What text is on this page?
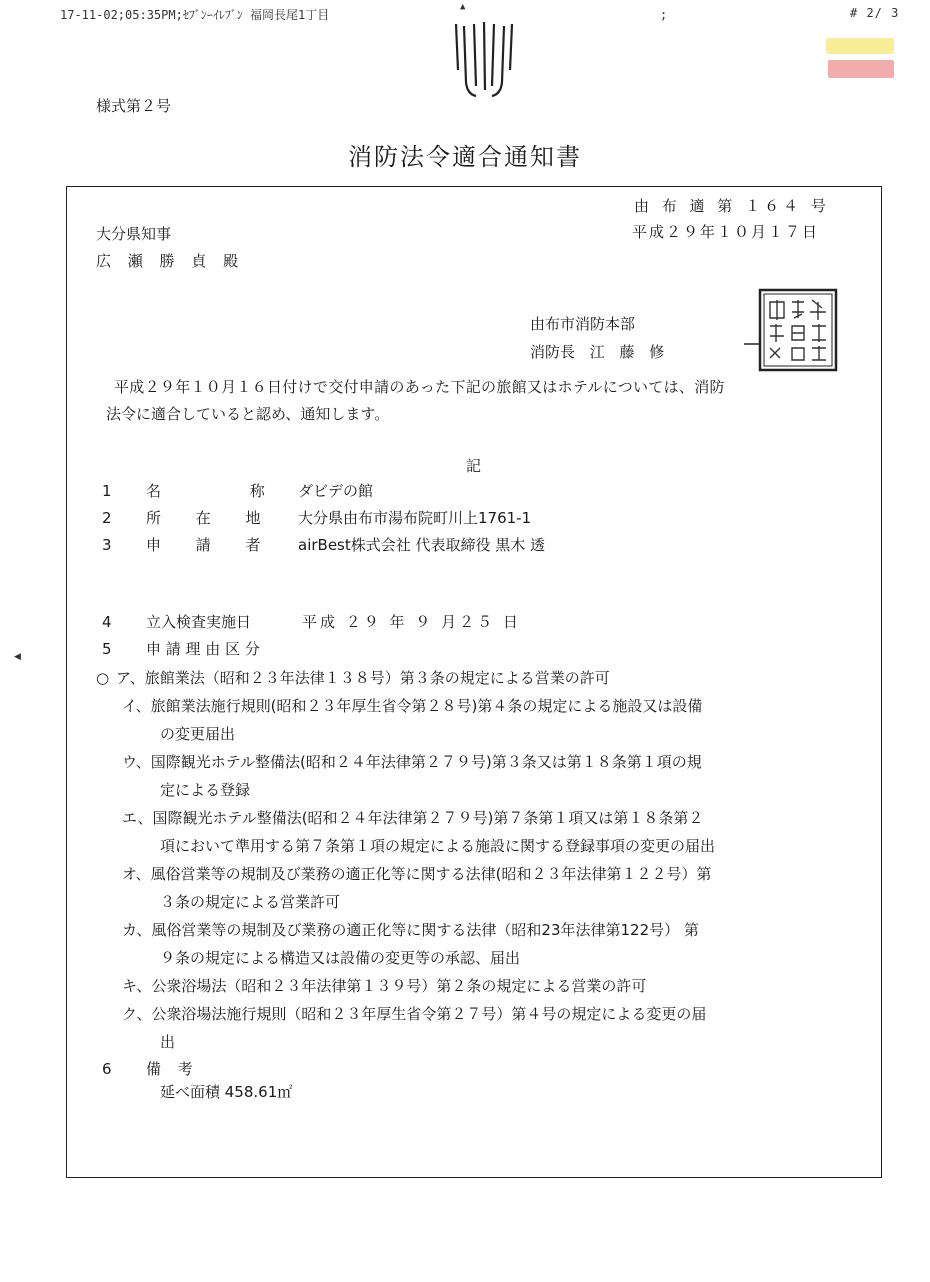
17-11-02;05:35PM;ｾﾌﾞﾝｰｲﾚﾌﾞﾝ 福岡長尾1丁目
▲
;	# 2/ 3
◀
様式第２号
消防法令適合通知書
由 布 適 第 １６４ 号
平成２９年１０月１７日
大分県知事
広 瀬 勝 貞 殿
由布市消防本部
消防長 江 藤 修
平成２９年１０月１６日付けで交付申請のあった下記の旅館又はホテルについては、消防
法令に適合していると認め、通知します。
記
1 名 称	ダビデの館
2 所 在 地 大分県由布市湯布院町川上1761-1
3 申 請 者 airBest株式会社 代表取締役 黒木 透
4 立入検査実施日	平成 ２９ 年 ９ 月２５ 日
5 申 請 理 由 区 分
○ ア、旅館業法（昭和２３年法律１３８号）第３条の規定による営業の許可
イ、旅館業法施行規則(昭和２３年厚生省令第２８号)第４条の規定による施設又は設備
の変更届出
ウ、国際観光ホテル整備法(昭和２４年法律第２７９号)第３条又は第１８条第１項の規
定による登録
エ、国際観光ホテル整備法(昭和２４年法律第２７９号)第７条第１項又は第１８条第２
項において準用する第７条第１項の規定による施設に関する登録事項の変更の届出
オ、風俗営業等の規制及び業務の適正化等に関する法律(昭和２３年法律第１２２号）第
３条の規定による営業許可
カ、風俗営業等の規制及び業務の適正化等に関する法律（昭和23年法律第122号） 第
９条の規定による構造又は設備の変更等の承認、届出
キ、公衆浴場法（昭和２３年法律第１３９号）第２条の規定による営業の許可
ク、公衆浴場法施行規則（昭和２３年厚生省令第２７号）第４号の規定による変更の届
出
6 備 考
延べ面積 458.61㎡
